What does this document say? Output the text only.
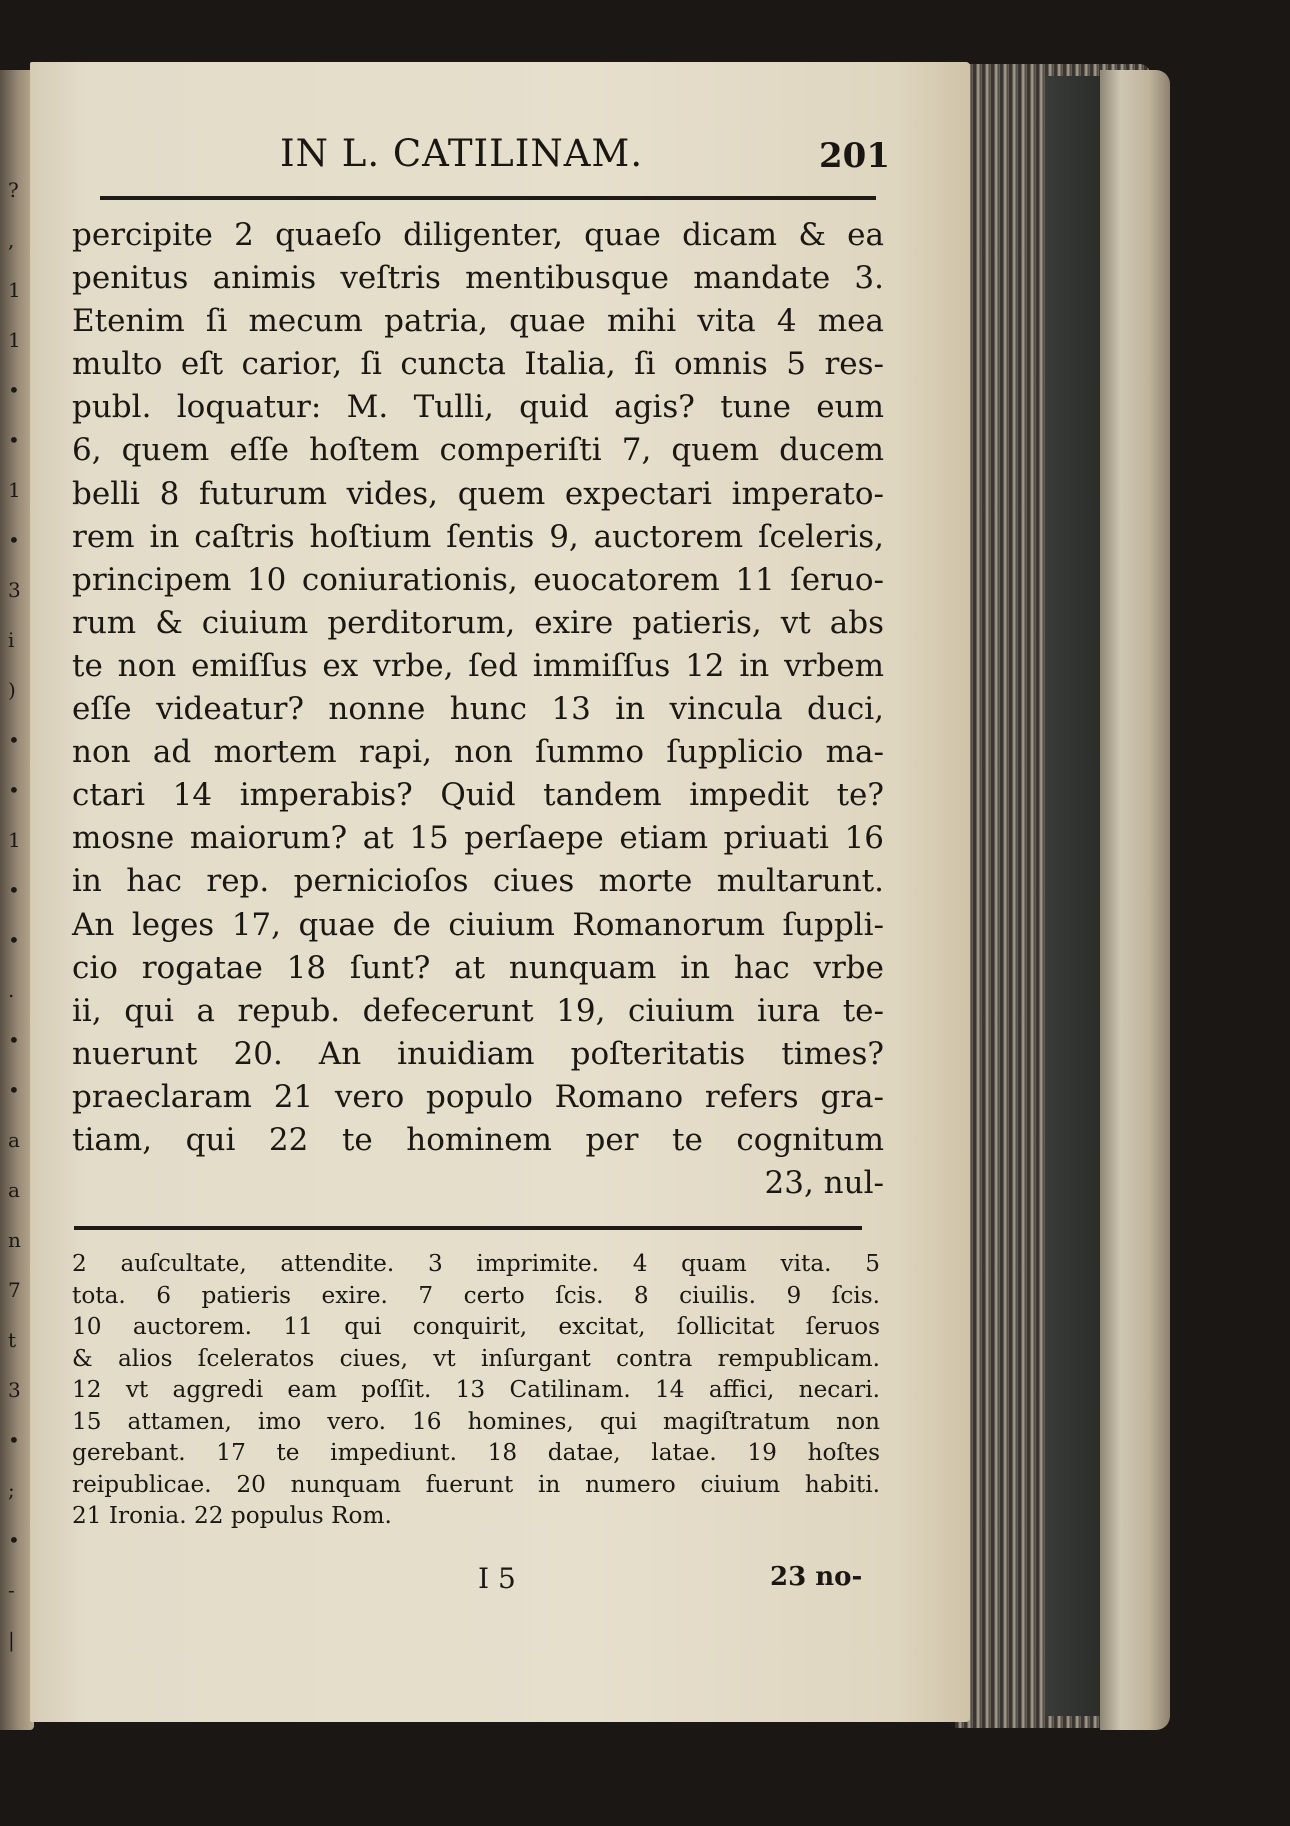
?
,
1
1
•
•
1
•
3
i
)
•
•
1
•
•
.
•
•
a
a
n
7
t
3
•
;
•
-
|
IN L. CATILINAM.	201
percipite 2 quaeſo diligenter, quae dicam & ea
penitus animis veſtris mentibusque mandate 3.
Etenim ſi mecum patria, quae mihi vita 4 mea
multo eſt carior, ſi cuncta Italia, ſi omnis 5 res-
publ. loquatur: M. Tulli, quid agis? tune eum
6, quem eſſe hoſtem comperiſti 7, quem ducem
belli 8 futurum vides, quem expectari imperato-
rem in caſtris hoſtium ſentis 9, auctorem ſceleris,
principem 10 coniurationis, euocatorem 11 ſeruo-
rum & ciuium perditorum, exire patieris, vt abs
te non emiſſus ex vrbe, ſed immiſſus 12 in vrbem
eſſe videatur? nonne hunc 13 in vincula duci,
non ad mortem rapi, non ſummo ſupplicio ma-
ctari 14 imperabis? Quid tandem impedit te?
mosne maiorum? at 15 perſaepe etiam priuati 16
in hac rep. pernicioſos ciues morte multarunt.
An leges 17, quae de ciuium Romanorum ſuppli-
cio rogatae 18 ſunt? at nunquam in hac vrbe
ii, qui a repub. defecerunt 19, ciuium iura te-
nuerunt 20. An inuidiam poſteritatis times?
praeclaram 21 vero populo Romano refers gra-
tiam, qui 22 te hominem per te cognitum
23, nul-
2 auſcultate, attendite. 3 imprimite. 4 quam vita. 5
tota. 6 patieris exire. 7 certo ſcis. 8 ciuilis. 9 ſcis.
10 auctorem. 11 qui conquirit, excitat, ſollicitat ſeruos
& alios ſceleratos ciues, vt inſurgant contra rempublicam.
12 vt aggredi eam poſſit. 13 Catilinam. 14 affici, necari.
15 attamen, imo vero. 16 homines, qui magiſtratum non
gerebant. 17 te impediunt. 18 datae, latae. 19 hoſtes
reipublicae. 20 nunquam fuerunt in numero ciuium habiti.
21 Ironia. 22 populus Rom.
I 5	23 no-
